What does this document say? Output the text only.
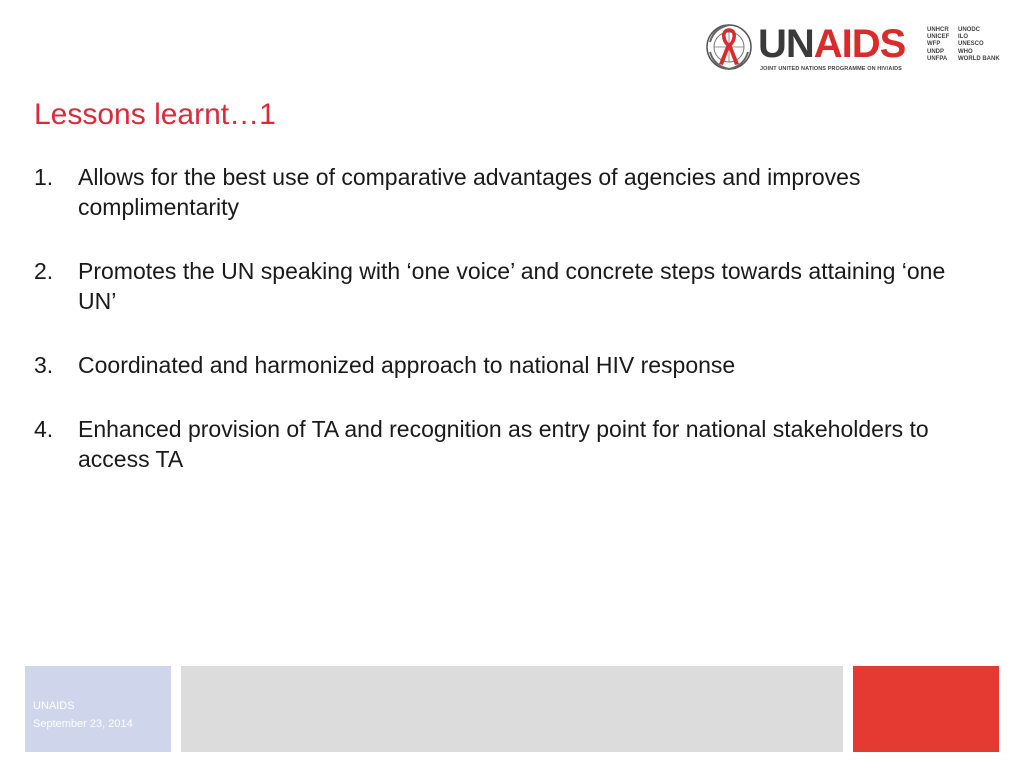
UNAIDS
JOINT UNITED NATIONS PROGRAMME ON HIV/AIDS
UNHCR
UNICEF
WFP
UNDP
UNFPA
UNODC
ILO
UNESCO
WHO
WORLD BANK
Lessons learnt…1
1. Allows for the best use of comparative advantages of agencies and improves complimentarity
2. Promotes the UN speaking with ‘one voice’ and concrete steps towards attaining ‘one UN’
3. Coordinated and harmonized approach to national HIV response
4. Enhanced provision of TA and recognition as entry point for national stakeholders to access TA
UNAIDS
September 23, 2014
